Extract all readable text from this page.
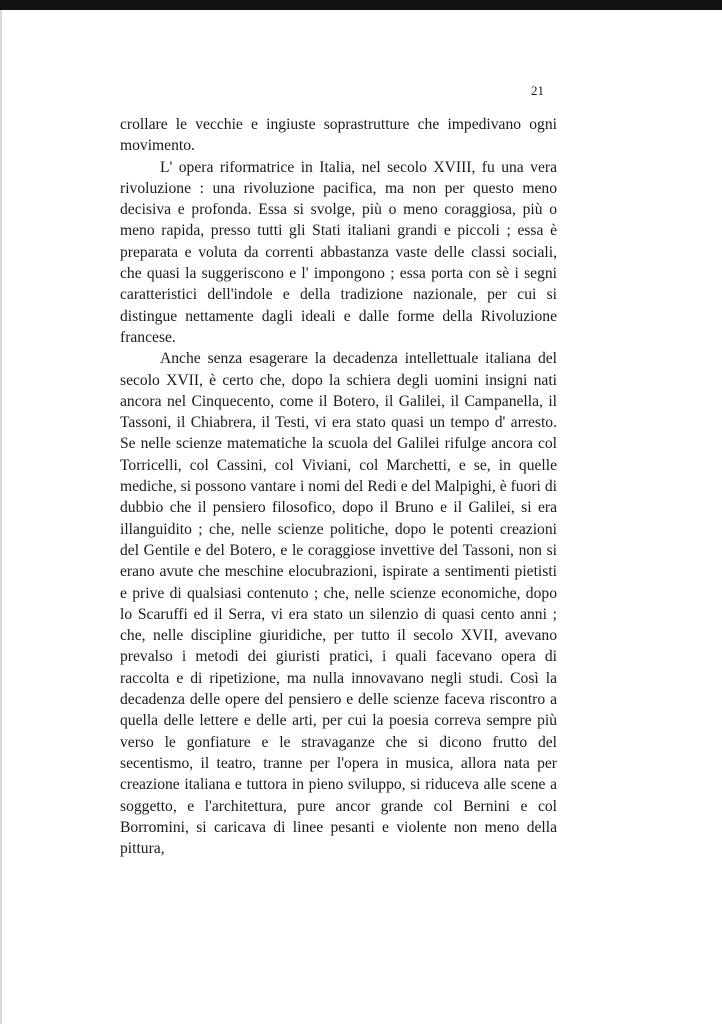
21

crollare le vecchie e ingiuste soprastrutture che impedivano ogni movimento.

L' opera riformatrice in Italia, nel secolo XVIII, fu una vera rivoluzione : una rivoluzione pacifica, ma non per questo meno decisiva e profonda. Essa si svolge, più o meno coraggiosa, più o meno rapida, presso tutti gli Stati italiani grandi e piccoli ; essa è preparata e voluta da correnti abbastanza vaste delle classi sociali, che quasi la suggeriscono e l' impongono ; essa porta con sè i segni caratteristici dell'indole e della tradizione nazionale, per cui si distingue nettamente dagli ideali e dalle forme della Rivoluzione francese.

Anche senza esagerare la decadenza intellettuale italiana del secolo XVII, è certo che, dopo la schiera degli uomini insigni nati ancora nel Cinquecento, come il Botero, il Galilei, il Campanella, il Tassoni, il Chiabrera, il Testi, vi era stato quasi un tempo d' arresto. Se nelle scienze matematiche la scuola del Galilei rifulge ancora col Torricelli, col Cassini, col Viviani, col Marchetti, e se, in quelle mediche, si possono vantare i nomi del Redi e del Malpighi, è fuori di dubbio che il pensiero filosofico, dopo il Bruno e il Galilei, si era illanguidito ; che, nelle scienze politiche, dopo le potenti creazioni del Gentile e del Botero, e le coraggiose invettive del Tassoni, non si erano avute che meschine elocubrazioni, ispirate a sentimenti pietisti e prive di qualsiasi contenuto ; che, nelle scienze economiche, dopo lo Scaruffi ed il Serra, vi era stato un silenzio di quasi cento anni ; che, nelle discipline giuridiche, per tutto il secolo XVII, avevano prevalso i metodi dei giuristi pratici, i quali facevano opera di raccolta e di ripetizione, ma nulla innovavano negli studi. Così la decadenza delle opere del pensiero e delle scienze faceva riscontro a quella delle lettere e delle arti, per cui la poesia correva sempre più verso le gonfiature e le stravaganze che si dicono frutto del secentismo, il teatro, tranne per l'opera in musica, allora nata per creazione italiana e tuttora in pieno sviluppo, si riduceva alle scene a soggetto, e l'architettura, pure ancor grande col Bernini e col Borromini, si caricava di linee pesanti e violente non meno della pittura,
